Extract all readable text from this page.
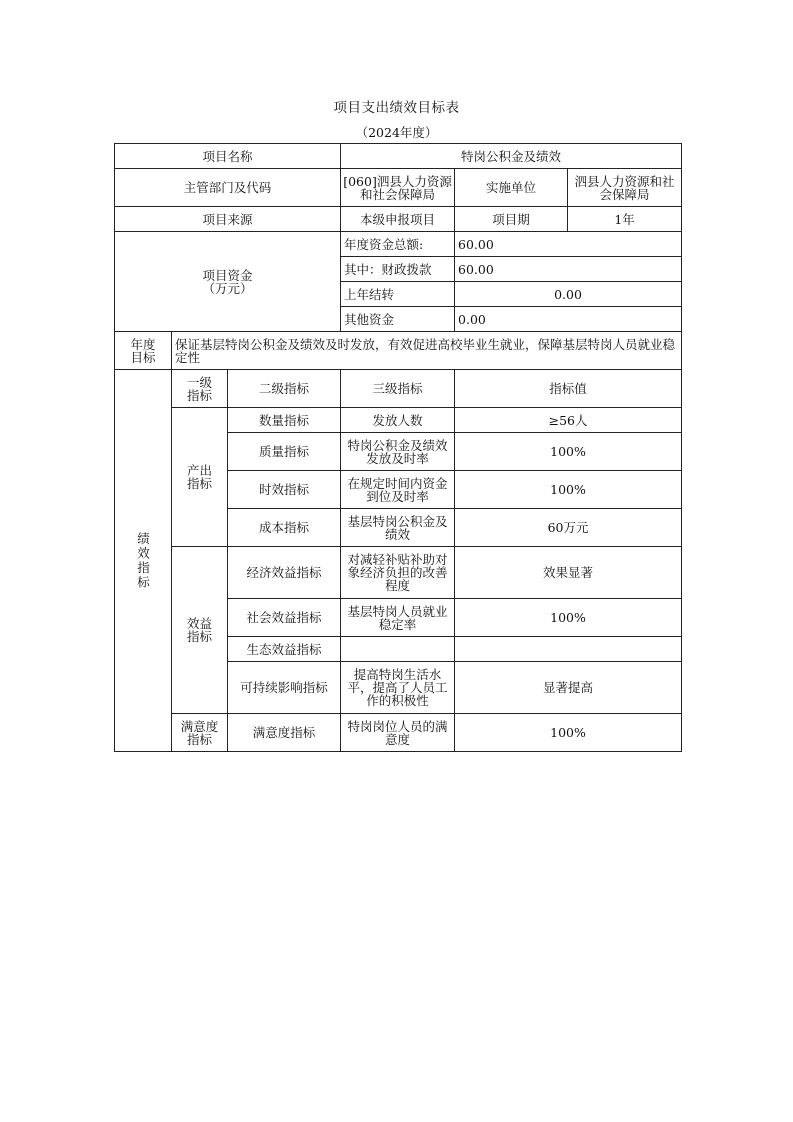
项目支出绩效目标表
（2024年度）
项目名称			特岗公积金及绩效		
主管部门及代码			[060]泗县人力资源和社会保障局	实施单位	泗县人力资源和社会保障局
项目来源			本级申报项目	项目期	1年

项目资金（万元）			年度资金总额:	60.00	
			其中：财政拨款	60.00	
			上年结转	0.00	
			其他资金	0.00	

年度目标	保证基层特岗公积金及绩效及时发放，有效促进高校毕业生就业，保障基层特岗人员就业稳定性				

绩效指标	一级指标	二级指标	三级指标	指标值	

	产出指标	数量指标	发放人数	≥56人	
		质量指标	特岗公积金及绩效发放及时率	100%	
		时效指标	在规定时间内资金到位及时率	100%	
		成本指标	基层特岗公积金及绩效	60万元	

	效益指标	经济效益指标	对减轻补贴补助对象经济负担的改善程度	效果显著	
		社会效益指标	基层特岗人员就业稳定率	100%	
		生态效益指标			
		可持续影响指标	提高特岗生活水平，提高了人员工作的积极性	显著提高	

	满意度指标	满意度指标	特岗岗位人员的满意度	100%	
